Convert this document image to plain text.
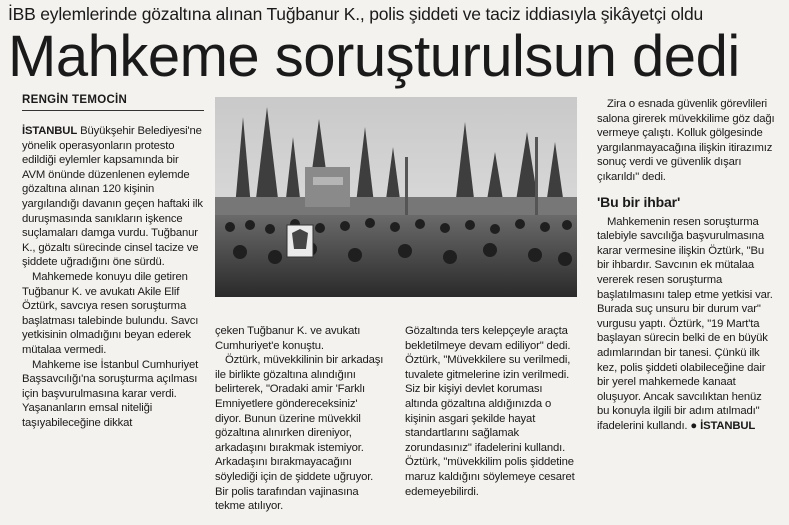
İBB eylemlerinde gözaltına alınan Tuğbanur K., polis şiddeti ve taciz iddiasıyla şikâyetçi oldu
Mahkeme soruşturulsun dedi
RENGİN TEMOCİN

İSTANBUL Büyükşehir Belediyesi'ne yönelik operasyonların protesto edildiği eylemler kapsamında bir AVM önünde düzenlenen eylemde gözaltına alınan 120 kişinin yargılandığı davanın geçen haftaki ilk duruşmasında sanıkların işkence suçlamaları damga vurdu. Tuğbanur K., gözaltı sürecinde cinsel tacize ve şiddete uğradığını öne sürdü.

Mahkemede konuyu dile getiren Tuğbanur K. ve avukatı Akile Elif Öztürk, savcıya resen soruşturma başlatması talebinde bulundu. Savcı yetkisinin olmadığını beyan ederek mütalaa vermedi.

Mahkeme ise İstanbul Cumhuriyet Başsavcılığı'na soruşturma açılması için başvurulmasına karar verdi. Yaşananların emsal niteliği taşıyabileceğine dikkat

çeken Tuğbanur K. ve avukatı Cumhuriyet'e konuştu.

Öztürk, müvekkilinin bir arkadaşı ile birlikte gözaltına alındığını belirterek, "Oradaki amir 'Farklı Emniyetlere göndereceksiniz' diyor. Bunun üzerine müvekkil gözaltına alınırken direniyor, arkadaşını bırakmak istemiyor. Arkadaşını bırakmayacağını söylediği için de şiddete uğruyor. Bir polis tarafından vajinasına tekme atılıyor.

Gözaltında ters kelepçeyle araçta bekletilmeye devam ediliyor" dedi. Öztürk, "Müvekkilere su verilmedi, tuvalete gitmelerine izin verilmedi. Siz bir kişiyi devlet koruması altında gözaltına aldığınızda o kişinin asgari şekilde hayat standartlarını sağlamak zorundasınız" ifadelerini kullandı. Öztürk, "müvekkilim polis şiddetine maruz kaldığını söylemeye cesaret edemeyebilirdi.

Zira o esnada güvenlik görevlileri salona girerek müvekkilime göz dağı vermeye çalıştı. Kolluk gölgesinde yargılanmayacağına ilişkin itirazımız sonuç verdi ve güvenlik dışarı çıkarıldı" dedi.

'Bu bir ihbar'

Mahkemenin resen soruşturma talebiyle savcılığa başvurulmasına karar vermesine ilişkin Öztürk, "Bu bir ihbardır. Savcının ek mütalaa vererek resen soruşturma başlatılmasını talep etme yetkisi var. Burada suç unsuru bir durum var" vurgusu yaptı. Öztürk, "19 Mart'ta başlayan sürecin belki de en büyük adımlarından bir tanesi. Çünkü ilk kez, polis şiddeti olabileceğine dair bir yerel mahkemede kanaat oluşuyor. Ancak savcılıktan henüz bu konuyla ilgili bir adım atılmadı" ifadelerini kullandı. ● İSTANBUL
